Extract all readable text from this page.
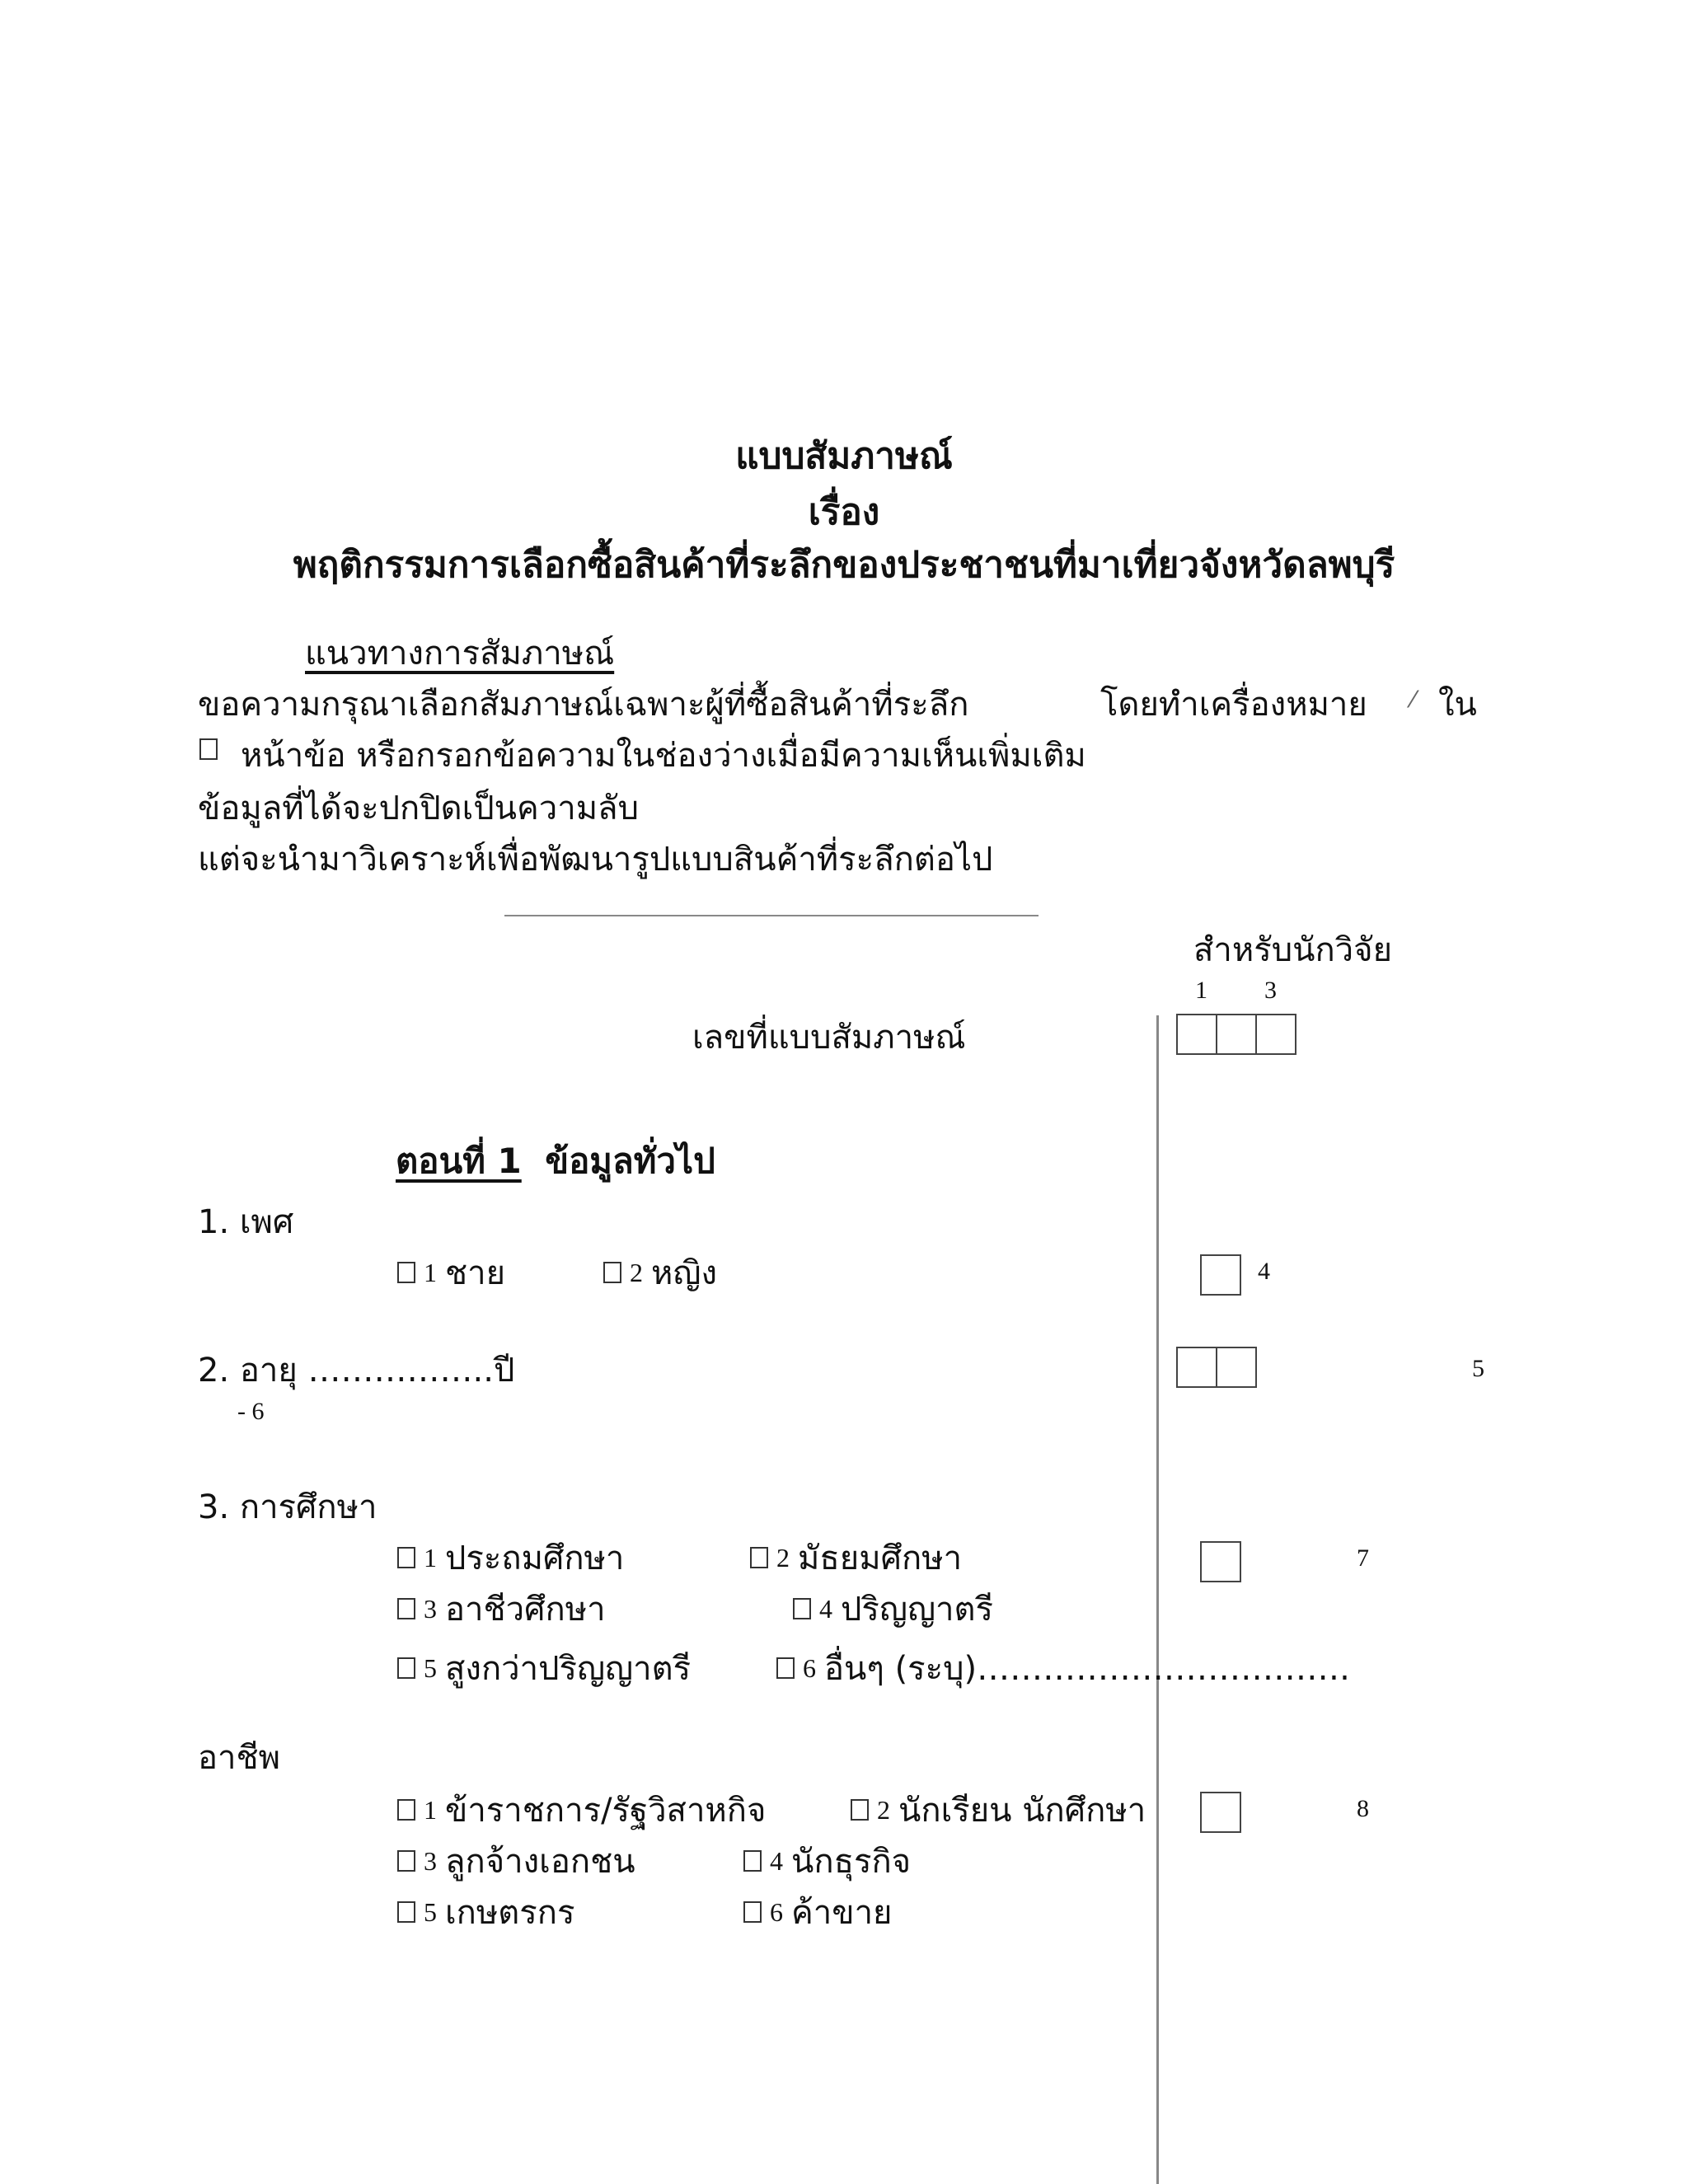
แบบสัมภาษณ์
เรื่อง
พฤติกรรมการเลือกซื้อสินค้าที่ระลึกของประชาชนที่มาเที่ยวจังหวัดลพบุรี
แนวทางการสัมภาษณ์
ขอความกรุณาเลือกสัมภาษณ์เฉพาะผู้ที่ซื้อสินค้าที่ระลึก	โดยทำเครื่องหมาย ⁄ ใน
หน้าข้อ หรือกรอกข้อความในช่องว่างเมื่อมีความเห็นเพิ่มเติม
ข้อมูลที่ได้จะปกปิดเป็นความลับ
แต่จะนำมาวิเคราะห์เพื่อพัฒนารูปแบบสินค้าที่ระลึกต่อไป
สำหรับนักวิจัย
1 3
เลขที่แบบสัมภาษณ์
ตอนที่ 1 ข้อมูลทั่วไป
1. เพศ
1 ชาย	2 หญิง	4
2. อายุ ……………..ปี	5
- 6
3. การศึกษา
1 ประถมศึกษา	2 มัธยมศึกษา
3 อาชีวศึกษา	4 ปริญญาตรี
5 สูงกว่าปริญญาตรี	6 อื่นๆ (ระบุ)…………………………….
7
อาชีพ
1 ข้าราชการ/รัฐวิสาหกิจ	2 นักเรียน นักศึกษา
3 ลูกจ้างเอกชน	4 นักธุรกิจ
5 เกษตรกร	6 ค้าขาย
8
